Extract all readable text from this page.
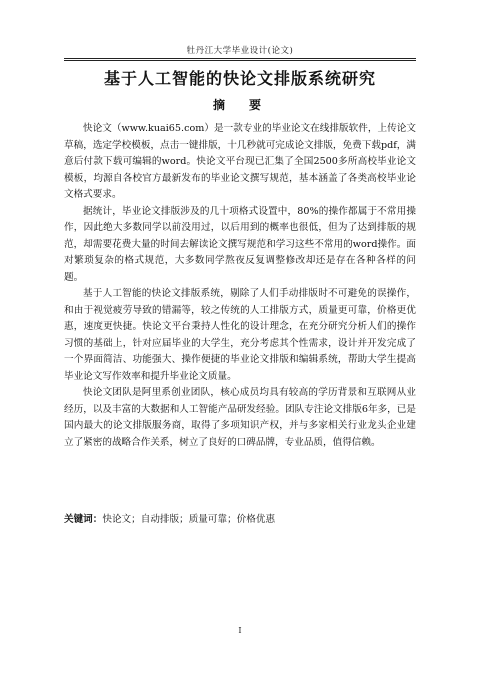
牡丹江大学毕业设计(论文)
基于人工智能的快论文排版系统研究
摘　要

快论文（www.kuai65.com）是一款专业的毕业论文在线排版软件，上传论文草稿，选定学校模板，点击一键排版，十几秒就可完成论文排版，免费下载pdf，满意后付款下载可编辑的word。快论文平台现已汇集了全国2500多所高校毕业论文模板，均源自各校官方最新发布的毕业论文撰写规范，基本涵盖了各类高校毕业论文格式要求。

据统计，毕业论文排版涉及的几十项格式设置中，80%的操作都属于不常用操作，因此绝大多数同学以前没用过，以后用到的概率也很低，但为了达到排版的规范，却需要花费大量的时间去解读论文撰写规范和学习这些不常用的word操作。面对繁琐复杂的格式规范，大多数同学熬夜反复调整修改却还是存在各种各样的问题。

基于人工智能的快论文排版系统，剔除了人们手动排版时不可避免的误操作，和由于视觉疲劳导致的错漏等，较之传统的人工排版方式，质量更可靠，价格更优惠，速度更快捷。快论文平台秉持人性化的设计理念，在充分研究分析人们的操作习惯的基础上，针对应届毕业的大学生，充分考虑其个性需求，设计并开发完成了一个界面简洁、功能强大、操作便捷的毕业论文排版和编辑系统，帮助大学生提高毕业论文写作效率和提升毕业论文质量。

快论文团队是阿里系创业团队，核心成员均具有较高的学历背景和互联网从业经历，以及丰富的大数据和人工智能产品研发经验。团队专注论文排版6年多，已是国内最大的论文排版服务商，取得了多项知识产权，并与多家相关行业龙头企业建立了紧密的战略合作关系，树立了良好的口碑品牌，专业品质，值得信赖。

关键词：快论文；自动排版；质量可靠；价格优惠
I
